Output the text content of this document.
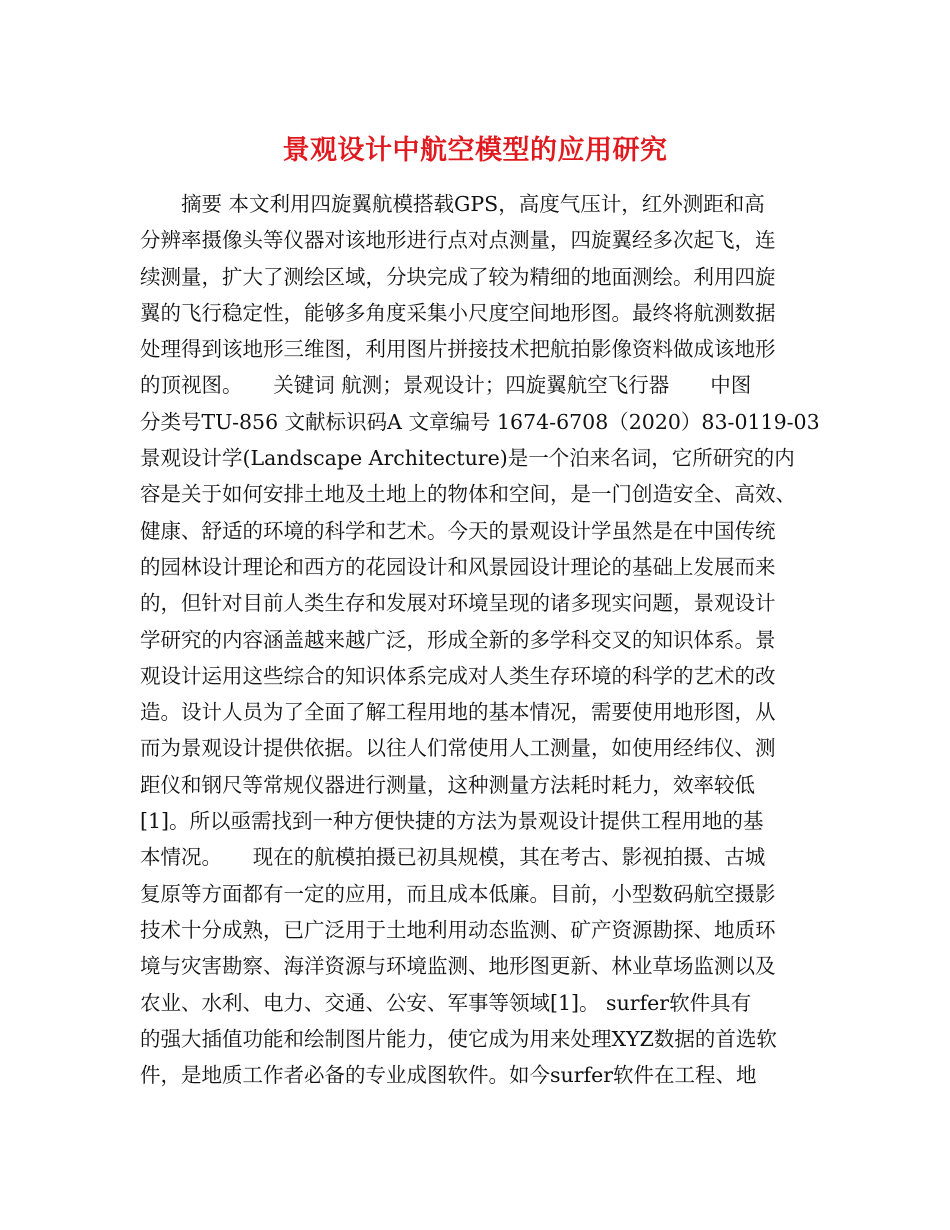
景观设计中航空模型的应用研究
　　摘要 本文利用四旋翼航模搭载GPS，高度气压计，红外测距和高
分辨率摄像头等仪器对该地形进行点对点测量，四旋翼经多次起飞，连
续测量，扩大了测绘区域，分块完成了较为精细的地面测绘。利用四旋
翼的飞行稳定性，能够多角度采集小尺度空间地形图。最终将航测数据
处理得到该地形三维图，利用图片拼接技术把航拍影像资料做成该地形
的顶视图。　　关键词 航测；景观设计；四旋翼航空飞行器　　中图
分类号TU-856 文献标识码A 文章编号 1674-6708（2020）83-0119-03
景观设计学(Landscape Architecture)是一个泊来名词，它所研究的内
容是关于如何安排土地及土地上的物体和空间，是一门创造安全、高效、
健康、舒适的环境的科学和艺术。今天的景观设计学虽然是在中国传统
的园林设计理论和西方的花园设计和风景园设计理论的基础上发展而来
的，但针对目前人类生存和发展对环境呈现的诸多现实问题，景观设计
学研究的内容涵盖越来越广泛，形成全新的多学科交叉的知识体系。景
观设计运用这些综合的知识体系完成对人类生存环境的科学的艺术的改
造。设计人员为了全面了解工程用地的基本情况，需要使用地形图，从
而为景观设计提供依据。以往人们常使用人工测量，如使用经纬仪、测
距仪和钢尺等常规仪器进行测量，这种测量方法耗时耗力，效率较低
[1]。所以亟需找到一种方便快捷的方法为景观设计提供工程用地的基
本情况。　　现在的航模拍摄已初具规模，其在考古、影视拍摄、古城
复原等方面都有一定的应用，而且成本低廉。目前，小型数码航空摄影
技术十分成熟，已广泛用于土地利用动态监测、矿产资源勘探、地质环
境与灾害勘察、海洋资源与环境监测、地形图更新、林业草场监测以及
农业、水利、电力、交通、公安、军事等领域[1]。 surfer软件具有
的强大插值功能和绘制图片能力，使它成为用来处理XYZ数据的首选软
件，是地质工作者必备的专业成图软件。如今surfer软件在工程、地
